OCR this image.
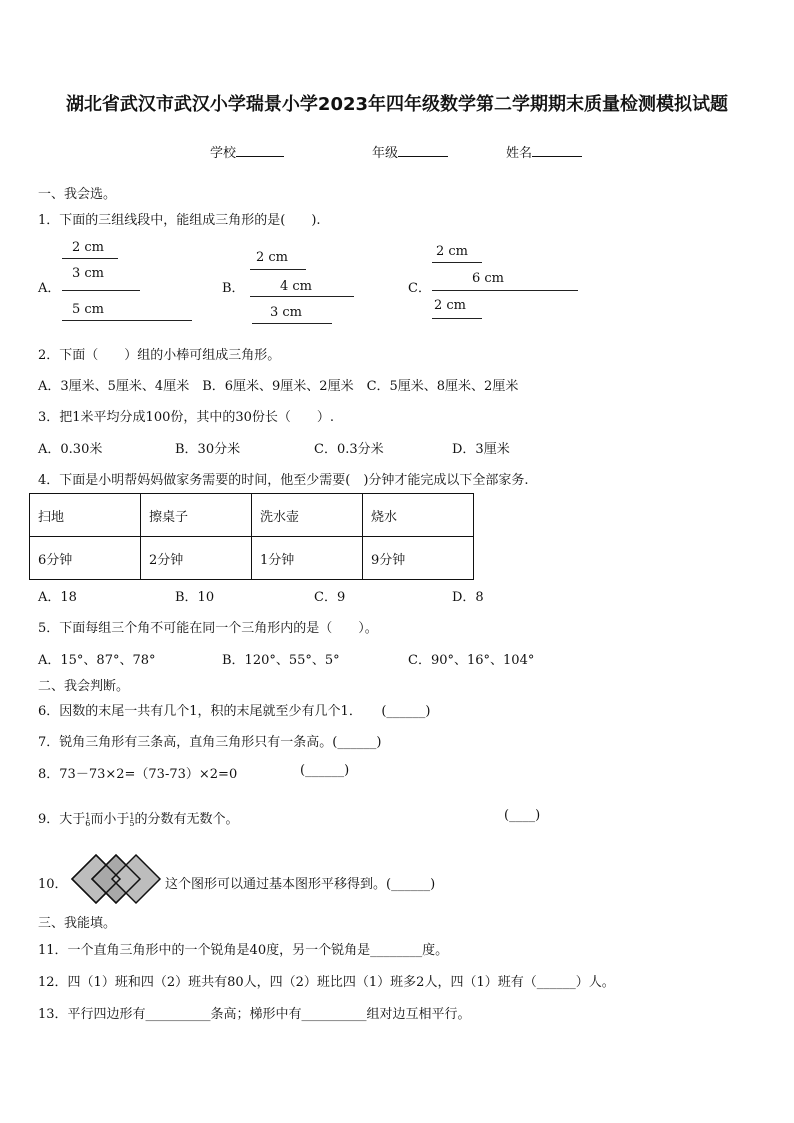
湖北省武汉市武汉小学瑞景小学2023年四年级数学第二学期期末质量检测模拟试题
学校	年级	姓名
一、我会选。
1．下面的三组线段中，能组成三角形的是(　　).
A．
2 cm
3 cm
5 cm
B．
2 cm
4 cm
3 cm
C．
2 cm
6 cm
2 cm
2．下面（　　）组的小棒可组成三角形。
A．3厘米、5厘米、4厘米　B．6厘米、9厘米、2厘米　C．5厘米、8厘米、2厘米
3．把1米平均分成100份，其中的30份长（　　）.
A．0.30米	B．30分米	C．0.3分米	D．3厘米
4．下面是小明帮妈妈做家务需要的时间，他至少需要(　)分钟才能完成以下全部家务.
扫地	擦桌子	洗水壶	烧水
6分钟	2分钟	1分钟	9分钟
A．18	B．10	C．9	D．8
5．下面每组三个角不可能在同一个三角形内的是（　　）。
A．15°、87°、78°	B．120°、55°、5°	C．90°、16°、104°
二、我会判断。
6．因数的末尾一共有几个1，积的末尾就至少有几个1．　　(______)
7．锐角三角形有三条高，直角三角形只有一条高。(______)
8．73－73×2=（73-73）×2=0	(______)
9．大于1
6而小于1
5的分数有无数个。	(____)
10．	这个图形可以通过基本图形平移得到。(______)
三、我能填。
11．一个直角三角形中的一个锐角是40度，另一个锐角是________度。
12．四（1）班和四（2）班共有80人，四（2）班比四（1）班多2人，四（1）班有（______）人。
13．平行四边形有__________条高；梯形中有__________组对边互相平行。
